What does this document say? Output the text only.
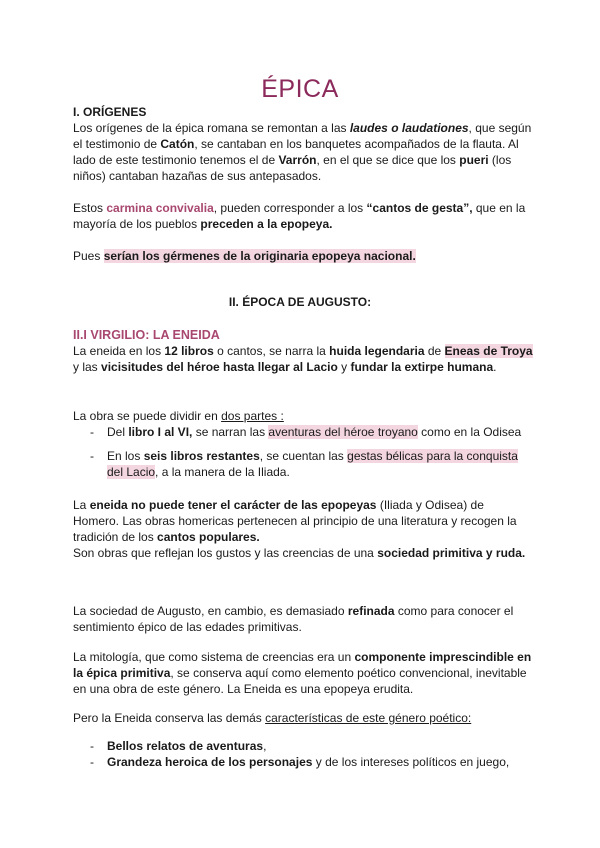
ÉPICA
I. ORÍGENES
Los orígenes de la épica romana se remontan a las laudes o laudationes, que según el testimonio de Catón, se cantaban en los banquetes acompañados de la flauta. Al lado de este testimonio tenemos el de Varrón, en el que se dice que los pueri (los niños) cantaban hazañas de sus antepasados.
Estos carmina convivalia, pueden corresponder a los “cantos de gesta”, que en la mayoría de los pueblos preceden a la epopeya.
Pues serían los gérmenes de la originaria epopeya nacional.
II. ÉPOCA DE AUGUSTO:
II.I VIRGILIO: LA ENEIDA
La eneida en los 12 libros o cantos, se narra la huida legendaria de Eneas de Troya y las vicisitudes del héroe hasta llegar al Lacio y fundar la extirpe humana.
La obra se puede dividir en dos partes :
- Del libro I al VI, se narran las aventuras del héroe troyano como en la Odisea
- En los seis libros restantes, se cuentan las gestas bélicas para la conquista del Lacio, a la manera de la Iliada.
La eneida no puede tener el carácter de las epopeyas (Iliada y Odisea) de Homero. Las obras homericas pertenecen al principio de una literatura y recogen la tradición de los cantos populares.
Son obras que reflejan los gustos y las creencias de una sociedad primitiva y ruda.
La sociedad de Augusto, en cambio, es demasiado refinada como para conocer el sentimiento épico de las edades primitivas.
La mitología, que como sistema de creencias era un componente imprescindible en la épica primitiva, se conserva aquí como elemento poético convencional, inevitable en una obra de este género. La Eneida es una epopeya erudita.
Pero la Eneida conserva las demás características de este género poético:
- Bellos relatos de aventuras,
- Grandeza heroica de los personajes y de los intereses políticos en juego,
